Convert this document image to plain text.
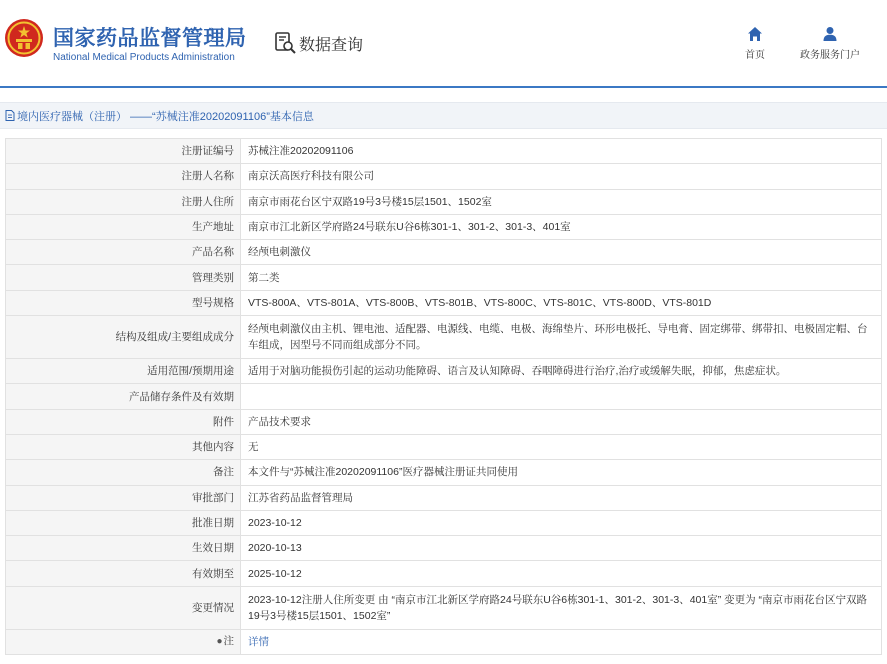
国家药品监督管理局
National Medical Products Administration
数据查询
首页	政务服务门户
境内医疗器械（注册） ——“苏械注准20202091106”基本信息
注册证编号	苏械注准20202091106
注册人名称	南京沃高医疗科技有限公司
注册人住所	南京市雨花台区宁双路19号3号楼15层1501、1502室
生产地址	南京市江北新区学府路24号联东U谷6栋301-1、301-2、301-3、401室
产品名称	经颅电刺激仪
管理类别	第二类
型号规格	VTS-800A、VTS-801A、VTS-800B、VTS-801B、VTS-800C、VTS-801C、VTS-800D、VTS-801D
结构及组成/主要组成成分	经颅电刺激仪由主机、锂电池、适配器、电源线、电缆、电极、海绵垫片、环形电极托、导电膏、固定绑带、绑带扣、电极固定帽、台车组成，因型号不同而组成部分不同。
适用范围/预期用途	适用于对脑功能损伤引起的运动功能障碍、语言及认知障碍、吞咽障碍进行治疗,治疗或缓解失眠，抑郁，焦虑症状。
产品储存条件及有效期	
附件	产品技术要求
其他内容	无
备注	本文件与“苏械注准20202091106”医疗器械注册证共同使用
审批部门	江苏省药品监督管理局
批准日期	2023-10-12
生效日期	2020-10-13
有效期至	2025-10-12
变更情况	2023-10-12注册人住所变更 由 “南京市江北新区学府路24号联东U谷6栋301-1、301-2、301-3、401室” 变更为 “南京市雨花台区宁双路19号3号楼15层1501、1502室”
●注	详情
